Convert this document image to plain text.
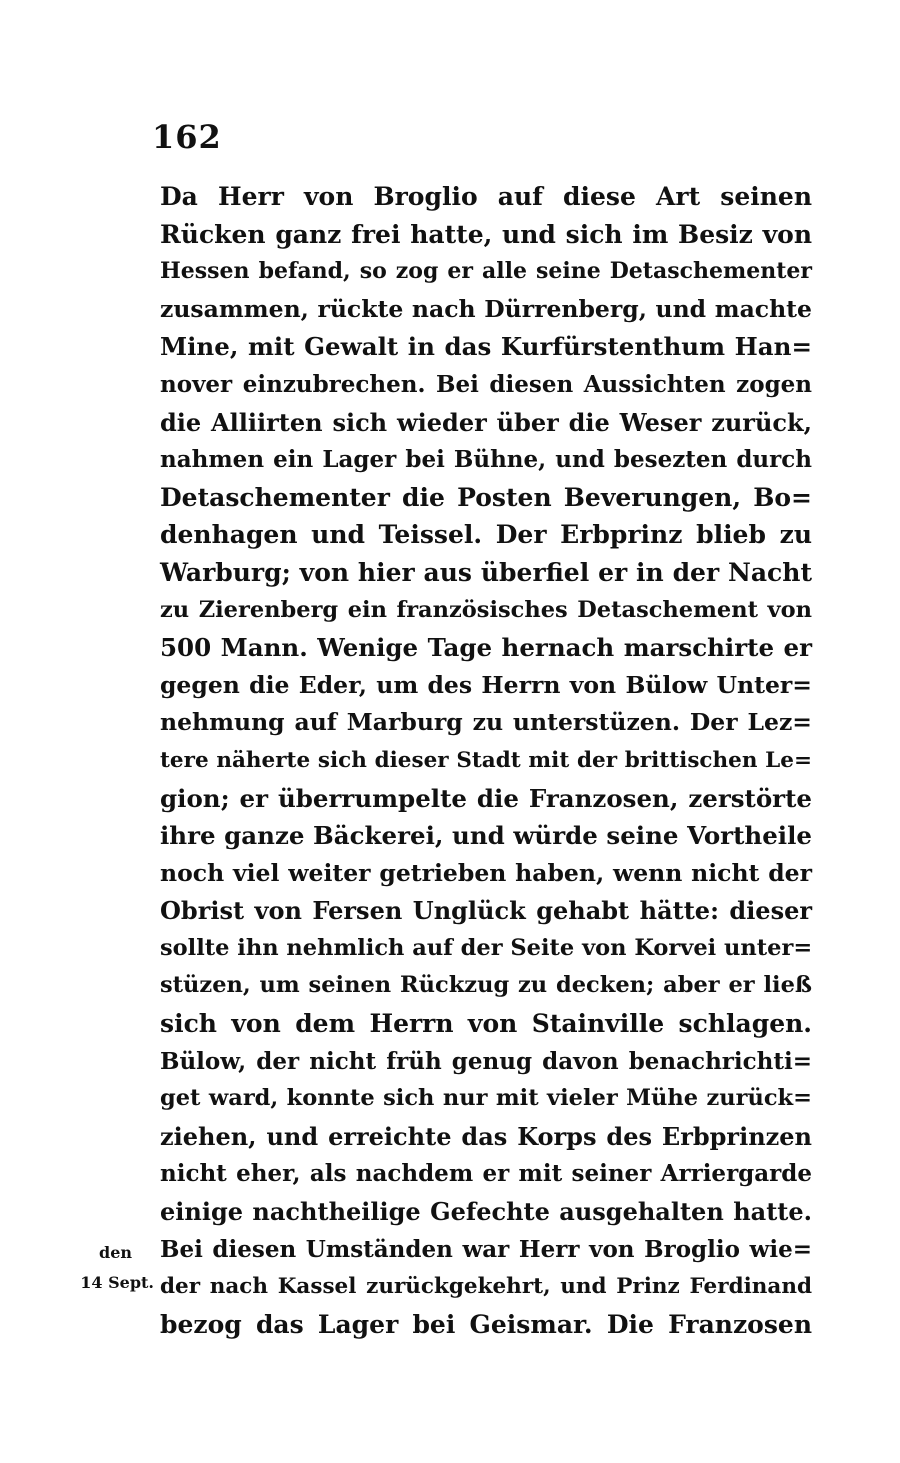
162
den
14 Sept.
Da Herr von Broglio auf diese Art seinen
Rücken ganz frei hatte, und sich im Besiz von
Hessen befand, so zog er alle seine Detaschementer
zusammen, rückte nach Dürrenberg, und machte
Mine, mit Gewalt in das Kurfürstenthum Han=
nover einzubrechen. Bei diesen Aussichten zogen
die Alliirten sich wieder über die Weser zurück,
nahmen ein Lager bei Bühne, und besezten durch
Detaschementer die Posten Beverungen, Bo=
denhagen und Teissel. Der Erbprinz blieb zu
Warburg; von hier aus überfiel er in der Nacht
zu Zierenberg ein französisches Detaschement von
500 Mann. Wenige Tage hernach marschirte er
gegen die Eder, um des Herrn von Bülow Unter=
nehmung auf Marburg zu unterstüzen. Der Lez=
tere näherte sich dieser Stadt mit der brittischen Le=
gion; er überrumpelte die Franzosen, zerstörte
ihre ganze Bäckerei, und würde seine Vortheile
noch viel weiter getrieben haben, wenn nicht der
Obrist von Fersen Unglück gehabt hätte: dieser
sollte ihn nehmlich auf der Seite von Korvei unter=
stüzen, um seinen Rückzug zu decken; aber er ließ
sich von dem Herrn von Stainville schlagen.
Bülow, der nicht früh genug davon benachrichti=
get ward, konnte sich nur mit vieler Mühe zurück=
ziehen, und erreichte das Korps des Erbprinzen
nicht eher, als nachdem er mit seiner Arriergarde
einige nachtheilige Gefechte ausgehalten hatte.
Bei diesen Umständen war Herr von Broglio wie=
der nach Kassel zurückgekehrt, und Prinz Ferdinand
bezog das Lager bei Geismar. Die Franzosen
